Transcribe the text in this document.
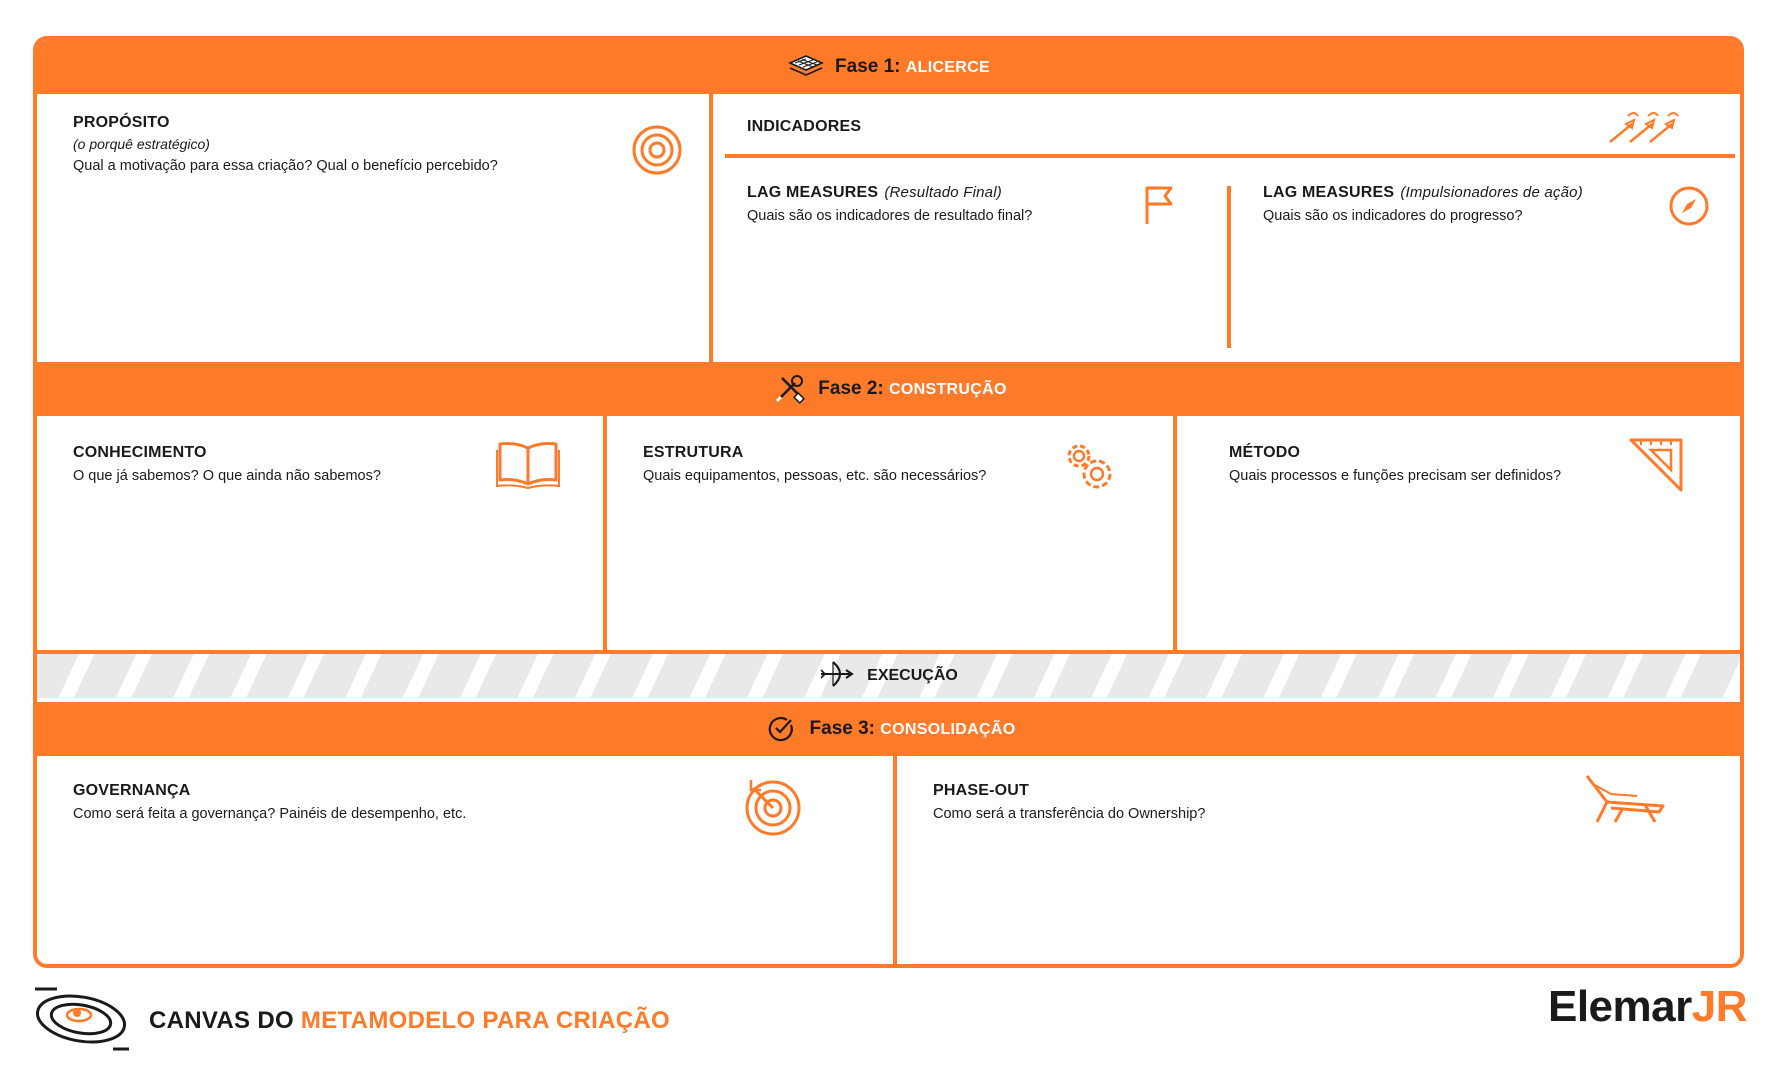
Fase 1: ALICERCE
PROPÓSITO
(o porquê estratégico)
Qual a motivação para essa criação? Qual o benefício percebido?
INDICADORES
LAG MEASURES (Resultado Final)
Quais são os indicadores de resultado final?
LAG MEASURES (Impulsionadores de ação)
Quais são os indicadores do progresso?
Fase 2: CONSTRUÇÃO
CONHECIMENTO
O que já sabemos? O que ainda não sabemos?
ESTRUTURA
Quais equipamentos, pessoas, etc. são necessários?
MÉTODO
Quais processos e funções precisam ser definidos?
EXECUÇÃO
Fase 3: CONSOLIDAÇÃO
GOVERNANÇA
Como será feita a governança? Painéis de desempenho, etc.
PHASE-OUT
Como será a transferência do Ownership?
CANVAS DO METAMODELO PARA CRIAÇÃO	ElemarJR
